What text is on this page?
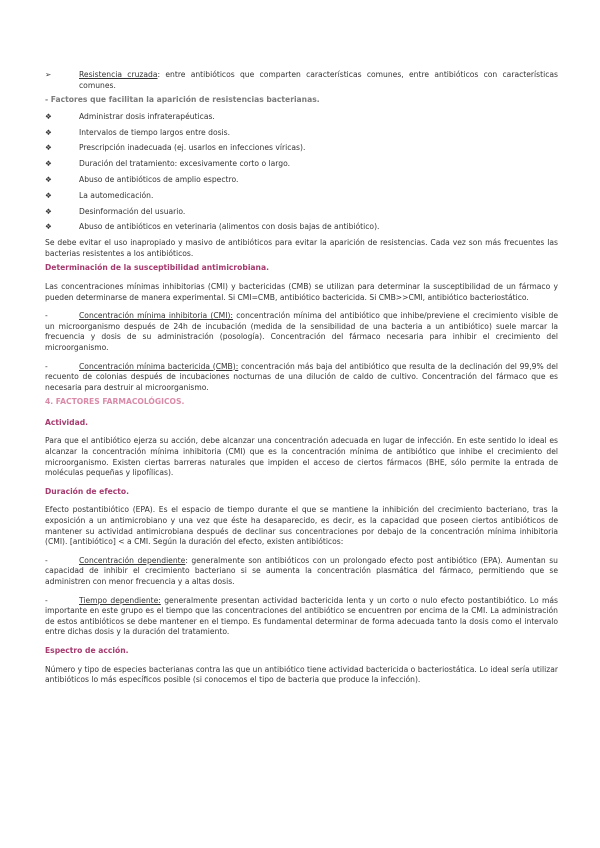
➢	Resistencia cruzada: entre antibióticos que comparten características comunes, entre antibióticos con características comunes.

- Factores que facilitan la aparición de resistencias bacterianas.

❖	Administrar dosis infraterapéuticas.
❖	Intervalos de tiempo largos entre dosis.
❖	Prescripción inadecuada (ej. usarlos en infecciones víricas).
❖	Duración del tratamiento: excesivamente corto o largo.
❖	Abuso de antibióticos de amplio espectro.
❖	La automedicación.
❖	Desinformación del usuario.
❖	Abuso de antibióticos en veterinaria (alimentos con dosis bajas de antibiótico).

Se debe evitar el uso inapropiado y masivo de antibióticos para evitar la aparición de resistencias. Cada vez son más frecuentes las bacterias resistentes a los antibióticos.

Determinación de la susceptibilidad antimicrobiana.

Las concentraciones mínimas inhibitorias (CMI) y bactericidas (CMB) se utilizan para determinar la susceptibilidad de un fármaco y pueden determinarse de manera experimental. Si CMI=CMB, antibiótico bactericida. Si CMB>>CMI, antibiótico bacteriostático.

-	Concentración mínima inhibitoria (CMI): concentración mínima del antibiótico que inhibe/previene el crecimiento visible de un microorganismo después de 24h de incubación (medida de la sensibilidad de una bacteria a un antibiótico) suele marcar la frecuencia y dosis de su administración (posología). Concentración del fármaco necesaria para inhibir el crecimiento del microorganismo.

-	Concentración mínima bactericida (CMB): concentración más baja del antibiótico que resulta de la declinación del 99,9% del recuento de colonias después de incubaciones nocturnas de una dilución de caldo de cultivo. Concentración del fármaco que es necesaria para destruir al microorganismo.

4. FACTORES FARMACOLÓGICOS.

Actividad.

Para que el antibiótico ejerza su acción, debe alcanzar una concentración adecuada en lugar de infección. En este sentido lo ideal es alcanzar la concentración mínima inhibitoria (CMI) que es la concentración mínima de antibiótico que inhibe el crecimiento del microorganismo. Existen ciertas barreras naturales que impiden el acceso de ciertos fármacos (BHE, sólo permite la entrada de moléculas pequeñas y lipofílicas).

Duración de efecto.

Efecto postantibiótico (EPA). Es el espacio de tiempo durante el que se mantiene la inhibición del crecimiento bacteriano, tras la exposición a un antimicrobiano y una vez que éste ha desaparecido, es decir, es la capacidad que poseen ciertos antibióticos de mantener su actividad antimicrobiana después de declinar sus concentraciones por debajo de la concentración mínima inhibitoria (CMI). [antibiótico] < a CMI. Según la duración del efecto, existen antibióticos:

-	Concentración dependiente: generalmente son antibióticos con un prolongado efecto post antibiótico (EPA). Aumentan su capacidad de inhibir el crecimiento bacteriano si se aumenta la concentración plasmática del fármaco, permitiendo que se administren con menor frecuencia y a altas dosis.

-	Tiempo dependiente: generalmente presentan actividad bactericida lenta y un corto o nulo efecto postantibiótico. Lo más importante en este grupo es el tiempo que las concentraciones del antibiótico se encuentren por encima de la CMI. La administración de estos antibióticos se debe mantener en el tiempo. Es fundamental determinar de forma adecuada tanto la dosis como el intervalo entre dichas dosis y la duración del tratamiento.

Espectro de acción.

Número y tipo de especies bacterianas contra las que un antibiótico tiene actividad bactericida o bacteriostática. Lo ideal sería utilizar antibióticos lo más específicos posible (si conocemos el tipo de bacteria que produce la infección).
